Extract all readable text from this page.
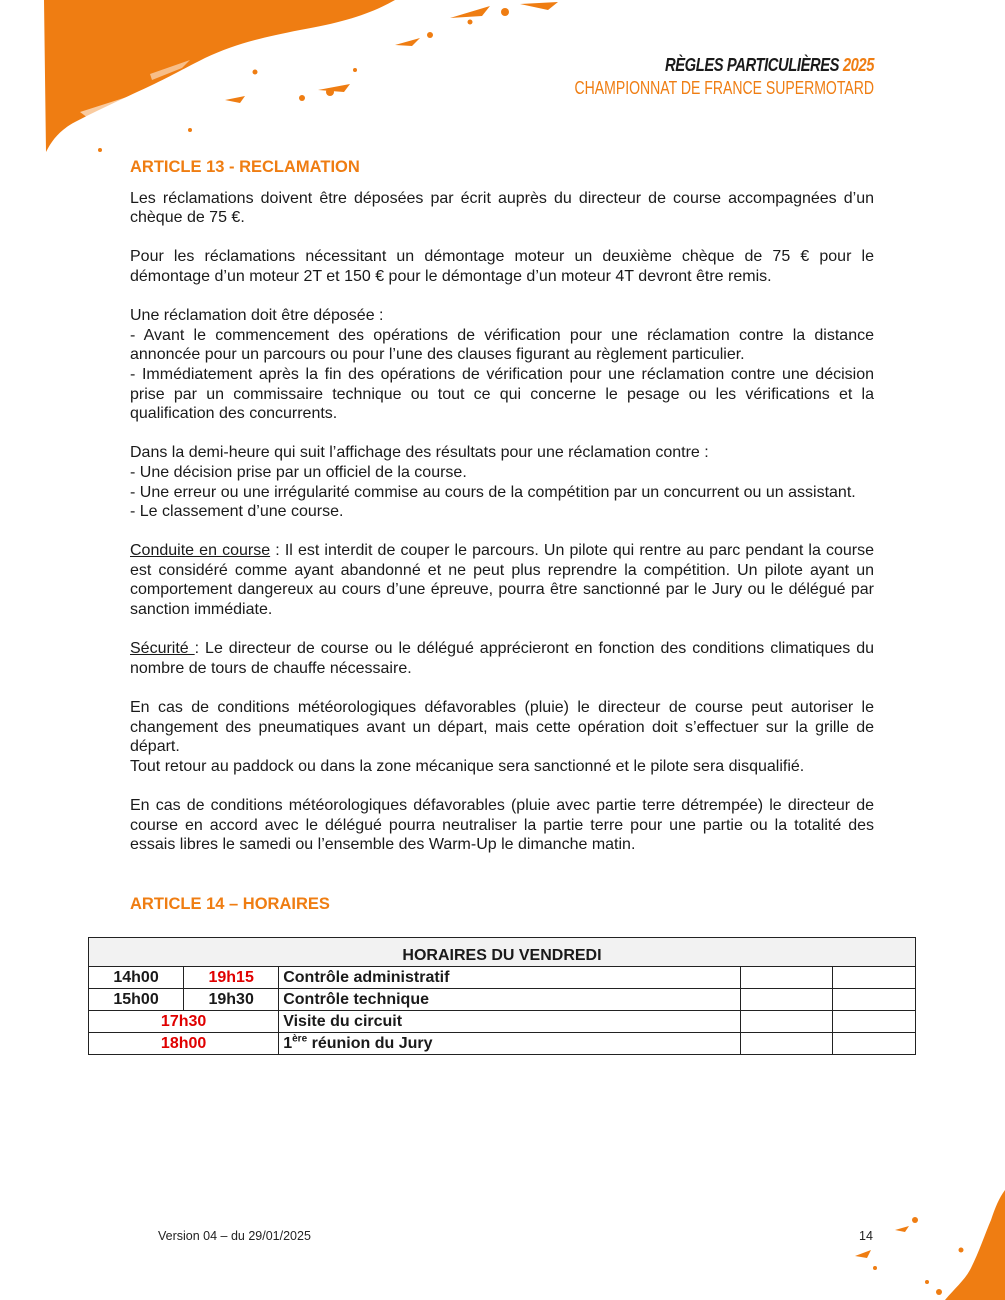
RÈGLES PARTICULIÈRES 2025
CHAMPIONNAT DE FRANCE SUPERMOTARD
ARTICLE 13 - RECLAMATION

Les réclamations doivent être déposées par écrit auprès du directeur de course accompagnées d’un chèque de 75 €.

Pour les réclamations nécessitant un démontage moteur un deuxième chèque de 75 € pour le démontage d’un moteur 2T et 150 € pour le démontage d’un moteur 4T devront être remis.

Une réclamation doit être déposée :

- Avant le commencement des opérations de vérification pour une réclamation contre la distance annoncée pour un parcours ou pour l’une des clauses figurant au règlement particulier.

- Immédiatement après la fin des opérations de vérification pour une réclamation contre une décision prise par un commissaire technique ou tout ce qui concerne le pesage ou les vérifications et la qualification des concurrents.

Dans la demi-heure qui suit l’affichage des résultats pour une réclamation contre :

- Une décision prise par un officiel de la course.

- Une erreur ou une irrégularité commise au cours de la compétition par un concurrent ou un assistant.

- Le classement d’une course.

Conduite en course : Il est interdit de couper le parcours. Un pilote qui rentre au parc pendant la course est considéré comme ayant abandonné et ne peut plus reprendre la compétition. Un pilote ayant un comportement dangereux au cours d’une épreuve, pourra être sanctionné par le Jury ou le délégué par sanction immédiate.

Sécurité : Le directeur de course ou le délégué apprécieront en fonction des conditions climatiques du nombre de tours de chauffe nécessaire.

En cas de conditions météorologiques défavorables (pluie) le directeur de course peut autoriser le changement des pneumatiques avant un départ, mais cette opération doit s’effectuer sur la grille de départ.

Tout retour au paddock ou dans la zone mécanique sera sanctionné et le pilote sera disqualifié.

En cas de conditions météorologiques défavorables (pluie avec partie terre détrempée) le directeur de course en accord avec le délégué pourra neutraliser la partie terre pour une partie ou la totalité des essais libres le samedi ou l’ensemble des Warm-Up le dimanche matin.

ARTICLE 14 – HORAIRES
HORAIRES DU VENDREDI				
14h00	19h15	Contrôle administratif		
15h00	19h30	Contrôle technique		
17h30		Visite du circuit		
18h00		1ère réunion du Jury		
Version 04 – du 29/01/2025	14
